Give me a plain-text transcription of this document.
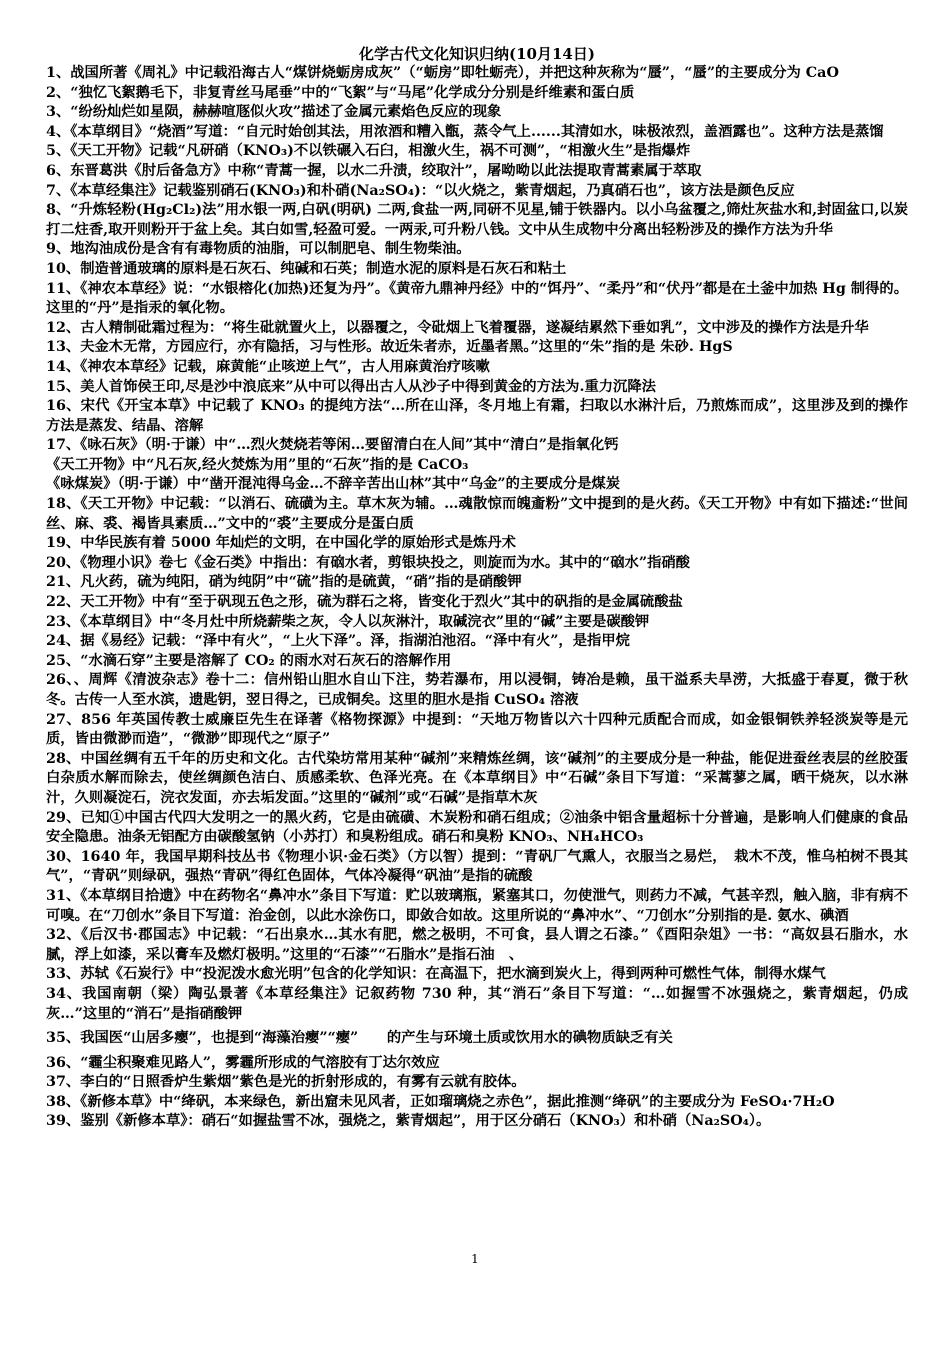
化学古代文化知识归纳(10月14日)
1、战国所著《周礼》中记载沿海古人“煤饼烧蛎房成灰”（“蛎房”即牡蛎壳），并把这种灰称为“蜃”，“蜃”的主要成分为 CaO
2、“独忆飞絮鹅毛下，非复青丝马尾垂”中的“飞絮”与“马尾”化学成分分别是纤维素和蛋白质
3、“纷纷灿烂如星陨，赫赫喧豗似火攻”描述了金属元素焰色反应的现象
4、《本草纲目》“烧酒”写道：“自元时始创其法，用浓酒和糟入甑，蒸令气上......其清如水，味极浓烈，盖酒露也”。这种方法是蒸馏
5、《天工开物》记载“凡研硝（KNO₃)不以铁碾入石臼，相激火生，祸不可测”，“相激火生”是指爆炸
6、东晋葛洪《肘后备急方》中称“青蒿一握，以水二升渍，绞取汁”，屠呦呦以此法提取青蒿素属于萃取
7、《本草经集注》记载鉴别硝石(KNO₃)和朴硝(Na₂SO₄)：“以火烧之，紫青烟起，乃真硝石也”，该方法是颜色反应
8、“升炼轻粉(Hg₂Cl₂)法”用水银一两,白矾(明矾) 二两,食盐一两,同研不见星,铺于铁器内。以小乌盆覆之,筛灶灰盐水和,封固盆口,以炭打二炷香,取开则粉开于盆上矣。其白如雪,轻盈可爱。一两汞,可升粉八钱。文中从生成物中分离出轻粉涉及的操作方法为升华
9、地沟油成份是含有有毒物质的油脂，可以制肥皂、制生物柴油。
10、制造普通玻璃的原料是石灰石、纯碱和石英；制造水泥的原料是石灰石和粘土
11、《神农本草经》说：“水银榕化(加热)还复为丹”。《黄帝九鼎神丹经》中的“饵丹”、“柔丹”和“伏丹”都是在土釜中加热 Hg 制得的。这里的“丹”是指汞的氧化物。
12、古人精制砒霜过程为：“将生砒就置火上，以器覆之，令砒烟上飞着覆器，遂凝结累然下垂如乳”，文中涉及的操作方法是升华
13、夫金木无常，方园应行，亦有隐括，习与性形。故近朱者赤，近墨者黑。”这里的“朱”指的是 朱砂. HgS
14、《神农本草经》记载，麻黄能“止咳逆上气”，古人用麻黄治疗咳嗽
15、美人首饰侯王印,尽是沙中浪底来”从中可以得出古人从沙子中得到黄金的方法为.重力沉降法
16、宋代《开宝本草》中记载了 KNO₃ 的提纯方法“…所在山泽，冬月地上有霜，扫取以水淋汁后，乃煎炼而成”，这里涉及到的操作方法是蒸发、结晶、溶解
17、《咏石灰》（明·于谦）中“…烈火焚烧若等闲…要留清白在人间”其中“清白”是指氧化钙
《天工开物》中“凡石灰,经火焚炼为用”里的“石灰”指的是 CaCO₃
《咏煤炭》（明·于谦）中“凿开混沌得乌金…不辞辛苦出山林”其中“乌金”的主要成分是煤炭
18、《天工开物》中记载：“以消石、硫磺为主。草木灰为辅。…魂散惊而魄齑粉”文中提到的是火药。《天工开物》中有如下描述:“世间丝、麻、裘、褐皆具素质…”文中的“裘”主要成分是蛋白质
19、中华民族有着 5000 年灿烂的文明，在中国化学的原始形式是炼丹术
20、《物理小识》卷七《金石类》中指出：有硇水者，剪银块投之，则旋而为水。其中的“硇水”指硝酸
21、凡火药，硫为纯阳，硝为纯阴”中“硫”指的是硫黄，“硝”指的是硝酸钾
22、天工开物》中有“至于矾现五色之形，硫为群石之将，皆变化于烈火”其中的矾指的是金属硫酸盐
23、《本草纲目》中“冬月灶中所烧薪柴之灰，令人以灰淋汁，取碱浣衣”里的“碱”主要是碳酸钾
24、据《易经》记载：“泽中有火”，“上火下泽”。泽，指湖泊池沼。“泽中有火”，是指甲烷
25、“水滴石穿”主要是溶解了 CO₂ 的雨水对石灰石的溶解作用
26、、周辉《清波杂志》卷十二：信州铅山胆水自山下注，势若瀑布，用以浸铜，铸冶是赖，虽干溢系夫旱涝，大抵盛于春夏，微于秋冬。古传一人至水滨，遗匙钥，翌日得之，已成铜矣。这里的胆水是指 CuSO₄ 溶液
27、856 年英国传教士威廉臣先生在译著《格物探源》中提到：“天地万物皆以六十四种元质配合而成，如金银铜铁养轻淡炭等是元质，皆由微渺而造”，“微渺”即现代之“原子”
28、中国丝绸有五千年的历史和文化。古代染坊常用某种“碱剂”来精炼丝绸，该“碱剂”的主要成分是一种盐，能促进蚕丝表层的丝胶蛋白杂质水解而除去，使丝绸颜色洁白、质感柔软、色泽光亮。在《本草纲目》中“石碱”条目下写道：“采蒿蓼之属，晒干烧灰，以水淋汁，久则凝淀石，浣衣发面，亦去垢发面。”这里的“碱剂”或“石碱”是指草木灰
29、已知①中国古代四大发明之一的黑火药，它是由硫磺、木炭粉和硝石组成；②油条中铝含量超标十分普遍，是影响人们健康的食品安全隐患。油条无铝配方由碳酸氢钠（小苏打）和臭粉组成。硝石和臭粉 KNO₃、NH₄HCO₃
30、1640 年，我国早期科技丛书《物理小识·金石类》（方以智）提到：“青矾厂气熏人，衣服当之易烂，　栽木不茂，惟乌柏树不畏其气”，“青矾”则绿矾，强热“青矾”得红色固体，气体冷凝得“矾油”是指的硫酸
31、《本草纲目拾遗》中在药物名“鼻冲水”条目下写道：贮以玻璃瓶，紧塞其口，勿使泄气，则药力不减，气甚辛烈，触入脑，非有病不可嗅。在“刀创水”条目下写道：治金创，以此水涂伤口，即敛合如故。这里所说的“鼻冲水”、“刀创水”分别指的是. 氨水、碘酒
32、《后汉书·郡国志》中记载：“石出泉水…其水有肥，燃之极明，不可食，县人谓之石漆。”《酉阳杂俎》一书：“高奴县石脂水，水腻，浮上如漆，采以膏车及燃灯极明。”这里的“石漆”“石脂水”是指石油　、
33、苏轼《石炭行》中“投泥泼水愈光明”包含的化学知识：在高温下，把水滴到炭火上，得到两种可燃性气体，制得水煤气
34、我国南朝（梁）陶弘景著《本草经集注》记叙药物 730 种，其“消石”条目下写道：“…如握雪不冰强烧之，紫青烟起，仍成灰…”这里的“消石”是指硝酸钾
35、我国医“山居多瘿”，也提到“海藻治瘿”“瘿”　　的产生与环境土质或饮用水的碘物质缺乏有关
36、“霾尘积聚难见路人”，雾霾所形成的气溶胶有丁达尔效应
37、李白的“日照香炉生紫烟”紫色是光的折射形成的，有雾有云就有胶体。
38、《新修本草》中“绛矾，本来绿色，新出窟未见风者，正如瑠璃烧之赤色”，据此推测“绛矾”的主要成分为 FeSO₄·7H₂O
39、鉴别《新修本草》：硝石“如握盐雪不冰，强烧之，紫青烟起”，用于区分硝石（KNO₃）和朴硝（Na₂SO₄）。
1
